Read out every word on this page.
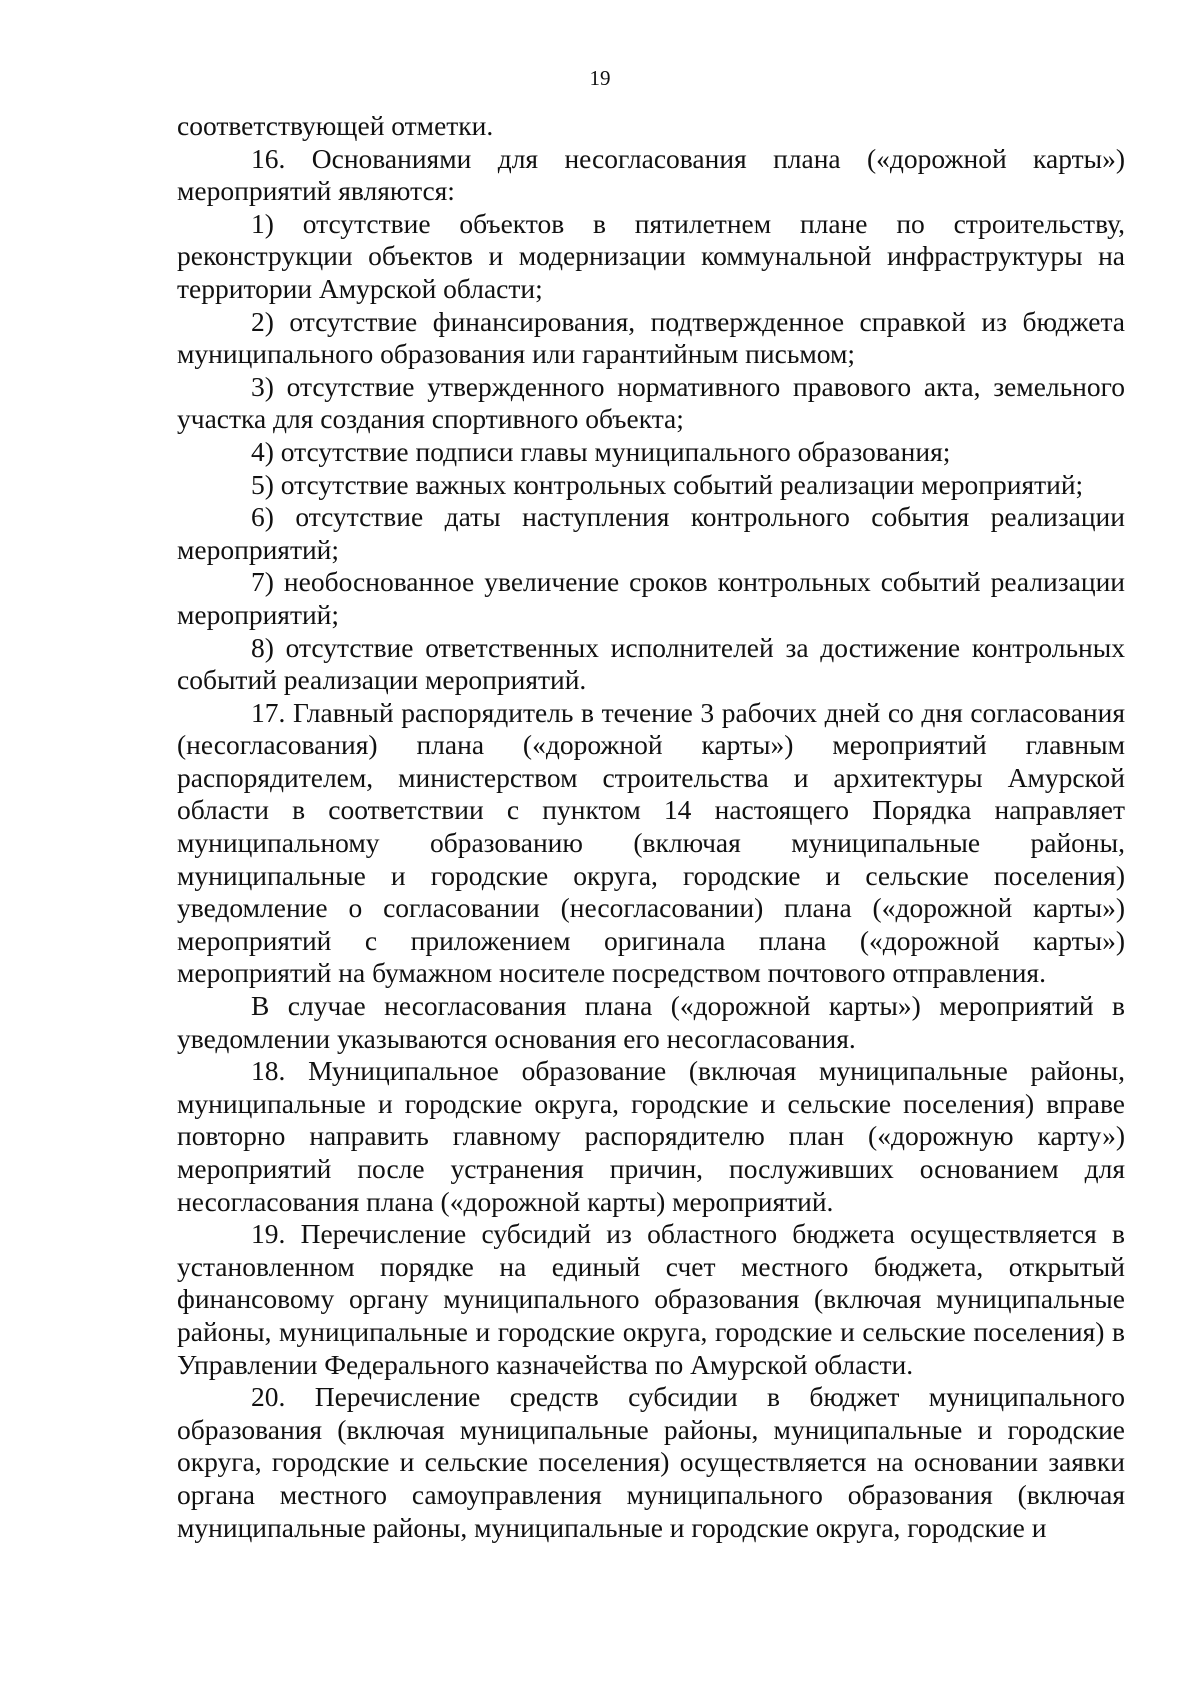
19

соответствующей отметки.

16. Основаниями для несогласования плана («дорожной карты») мероприятий являются:

1) отсутствие объектов в пятилетнем плане по строительству, реконструкции объектов и модернизации коммунальной инфраструктуры на территории Амурской области;

2) отсутствие финансирования, подтвержденное справкой из бюджета муниципального образования или гарантийным письмом;

3) отсутствие утвержденного нормативного правового акта, земельного участка для создания спортивного объекта;

4) отсутствие подписи главы муниципального образования;

5) отсутствие важных контрольных событий реализации мероприятий;

6) отсутствие даты наступления контрольного события реализации мероприятий;

7) необоснованное увеличение сроков контрольных событий реализации мероприятий;

8) отсутствие ответственных исполнителей за достижение контрольных событий реализации мероприятий.

17. Главный распорядитель в течение 3 рабочих дней со дня согласования (несогласования) плана («дорожной карты») мероприятий главным распорядителем, министерством строительства и архитектуры Амурской области в соответствии с пунктом 14 настоящего Порядка направляет муниципальному образованию (включая муниципальные районы, муниципальные и городские округа, городские и сельские поселения) уведомление о согласовании (несогласовании) плана («дорожной карты») мероприятий с приложением оригинала плана («дорожной карты») мероприятий на бумажном носителе посредством почтового отправления.

В случае несогласования плана («дорожной карты») мероприятий в уведомлении указываются основания его несогласования.

18. Муниципальное образование (включая муниципальные районы, муниципальные и городские округа, городские и сельские поселения) вправе повторно направить главному распорядителю план («дорожную карту») мероприятий после устранения причин, послуживших основанием для несогласования плана («дорожной карты) мероприятий.

19. Перечисление субсидий из областного бюджета осуществляется в установленном порядке на единый счет местного бюджета, открытый финансовому органу муниципального образования (включая муниципальные районы, муниципальные и городские округа, городские и сельские поселения) в Управлении Федерального казначейства по Амурской области.

20. Перечисление средств субсидии в бюджет муниципального образования (включая муниципальные районы, муниципальные и городские округа, городские и сельские поселения) осуществляется на основании заявки органа местного самоуправления муниципального образования (включая муниципальные районы, муниципальные и городские округа, городские и
